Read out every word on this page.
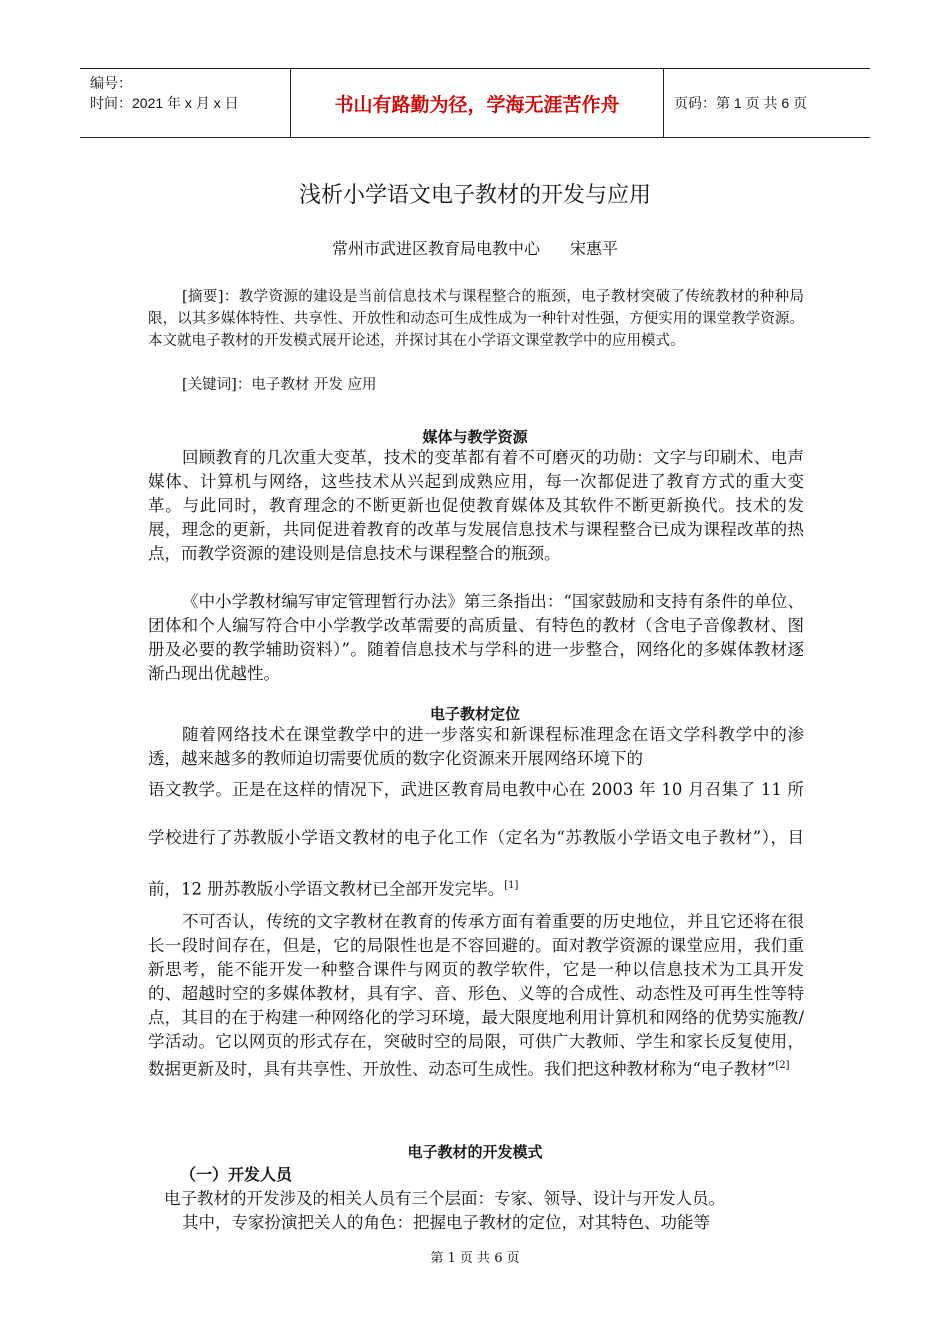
编号：
时间：2021 年 x 月 x 日	书山有路勤为径，学海无涯苦作舟	页码：第 1 页 共 6 页
浅析小学语文电子教材的开发与应用
常州市武进区教育局电教中心 宋惠平
[摘要]：教学资源的建设是当前信息技术与课程整合的瓶颈，电子教材突破了传统教材的种种局限，以其多媒体特性、共享性、开放性和动态可生成性成为一种针对性强，方便实用的课堂教学资源。本文就电子教材的开发模式展开论述，并探讨其在小学语文课堂教学中的应用模式。
[关键词]：电子教材 开发 应用
媒体与教学资源
回顾教育的几次重大变革，技术的变革都有着不可磨灭的功勋：文字与印刷术、电声媒体、计算机与网络，这些技术从兴起到成熟应用，每一次都促进了教育方式的重大变革。与此同时，教育理念的不断更新也促使教育媒体及其软件不断更新换代。技术的发展，理念的更新，共同促进着教育的改革与发展信息技术与课程整合已成为课程改革的热点，而教学资源的建设则是信息技术与课程整合的瓶颈。
《中小学教材编写审定管理暂行办法》第三条指出：“国家鼓励和支持有条件的单位、团体和个人编写符合中小学教学改革需要的高质量、有特色的教材（含电子音像教材、图册及必要的教学辅助资料）”。随着信息技术与学科的进一步整合，网络化的多媒体教材逐渐凸现出优越性。
电子教材定位
随着网络技术在课堂教学中的进一步落实和新课程标准理念在语文学科教学中的渗透，越来越多的教师迫切需要优质的数字化资源来开展网络环境下的
语文教学。正是在这样的情况下，武进区教育局电教中心在 2003 年 10 月召集了 11 所学校进行了苏教版小学语文教材的电子化工作（定名为“苏教版小学语文电子教材”），目前，12 册苏教版小学语文教材已全部开发完毕。[1]
不可否认，传统的文字教材在教育的传承方面有着重要的历史地位，并且它还将在很长一段时间存在，但是，它的局限性也是不容回避的。面对教学资源的课堂应用，我们重新思考，能不能开发一种整合课件与网页的教学软件，它是一种以信息技术为工具开发的、超越时空的多媒体教材，具有字、音、形色、义等的合成性、动态性及可再生性等特点，其目的在于构建一种网络化的学习环境，最大限度地利用计算机和网络的优势实施教/学活动。它以网页的形式存在，突破时空的局限，可供广大教师、学生和家长反复使用，数据更新及时，具有共享性、开放性、动态可生成性。我们把这种教材称为“电子教材”[2]
电子教材的开发模式
（一）开发人员
电子教材的开发涉及的相关人员有三个层面：专家、领导、设计与开发人员。
其中，专家扮演把关人的角色：把握电子教材的定位，对其特色、功能等
第 1 页 共 6 页
